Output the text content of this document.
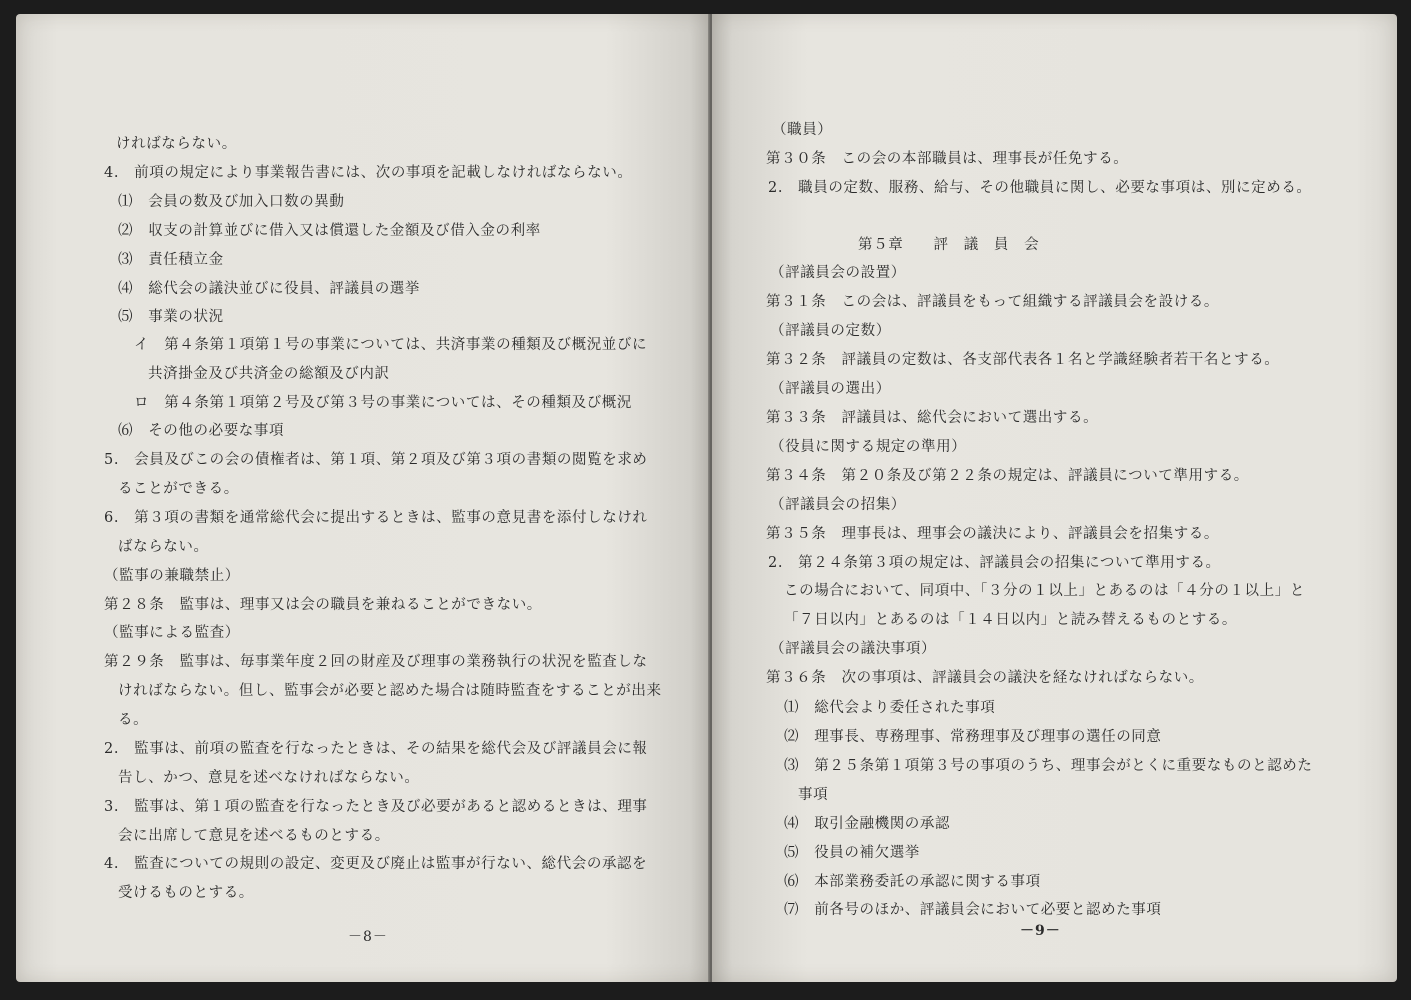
ければならない。
4.　前項の規定により事業報告書には、次の事項を記載しなければならない。
⑴　会員の数及び加入口数の異動
⑵　収支の計算並びに借入又は償還した金額及び借入金の利率
⑶　責任積立金
⑷　総代会の議決並びに役員、評議員の選挙
⑸　事業の状況
イ　第４条第１項第１号の事業については、共済事業の種類及び概況並びに
共済掛金及び共済金の総額及び内訳
ロ　第４条第１項第２号及び第３号の事業については、その種類及び概況
⑹　その他の必要な事項
5.　会員及びこの会の債権者は、第１項、第２項及び第３項の書類の閲覧を求め
ることができる。
6.　第３項の書類を通常総代会に提出するときは、監事の意見書を添付しなけれ
ばならない。
（監事の兼職禁止）
第２８条　監事は、理事又は会の職員を兼ねることができない。
（監事による監査）
第２９条　監事は、毎事業年度２回の財産及び理事の業務執行の状況を監査しな
ければならない。但し、監事会が必要と認めた場合は随時監査をすることが出来
る。
2.　監事は、前項の監査を行なったときは、その結果を総代会及び評議員会に報
告し、かつ、意見を述べなければならない。
3.　監事は、第１項の監査を行なったとき及び必要があると認めるときは、理事
会に出席して意見を述べるものとする。
4.　監査についての規則の設定、変更及び廃止は監事が行ない、総代会の承認を
受けるものとする。
－8－
（職員）
第３０条　この会の本部職員は、理事長が任免する。
2.　職員の定数、服務、給与、その他職員に関し、必要な事項は、別に定める。
第５章　　評　議　員　会
（評議員会の設置）
第３１条　この会は、評議員をもって組織する評議員会を設ける。
（評議員の定数）
第３２条　評議員の定数は、各支部代表各１名と学識経験者若干名とする。
（評議員の選出）
第３３条　評議員は、総代会において選出する。
（役員に関する規定の準用）
第３４条　第２０条及び第２２条の規定は、評議員について準用する。
（評議員会の招集）
第３５条　理事長は、理事会の議決により、評議員会を招集する。
2.　第２４条第３項の規定は、評議員会の招集について準用する。
この場合において、同項中、「３分の１以上」とあるのは「４分の１以上」と
「７日以内」とあるのは「１４日以内」と読み替えるものとする。
（評議員会の議決事項）
第３６条　次の事項は、評議員会の議決を経なければならない。
⑴　総代会より委任された事項
⑵　理事長、専務理事、常務理事及び理事の選任の同意
⑶　第２５条第１項第３号の事項のうち、理事会がとくに重要なものと認めた
事項
⑷　取引金融機関の承認
⑸　役員の補欠選挙
⑹　本部業務委託の承認に関する事項
⑺　前各号のほか、評議員会において必要と認めた事項
－9－
